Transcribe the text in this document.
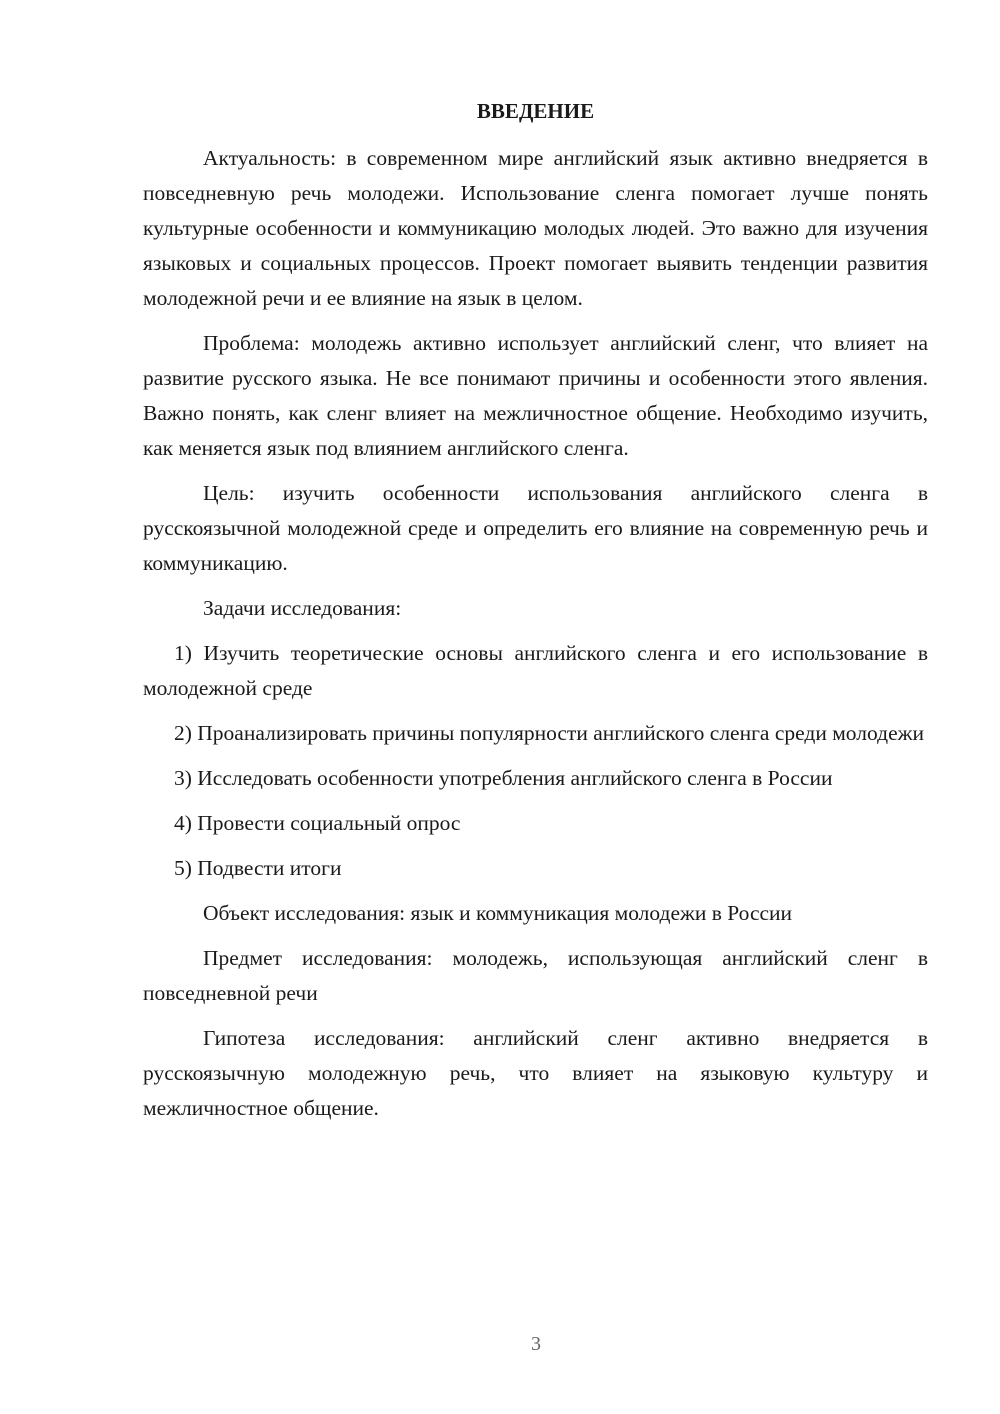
ВВЕДЕНИЕ

Актуальность: в современном мире английский язык активно внедряется в повседневную речь молодежи. Использование сленга помогает лучше понять культурные особенности и коммуникацию молодых людей. Это важно для изучения языковых и социальных процессов. Проект помогает выявить тенденции развития молодежной речи и ее влияние на язык в целом.

Проблема: молодежь активно использует английский сленг, что влияет на развитие русского языка. Не все понимают причины и особенности этого явления. Важно понять, как сленг влияет на межличностное общение. Необходимо изучить, как меняется язык под влиянием английского сленга.

Цель: изучить особенности использования английского сленга в русскоязычной молодежной среде и определить его влияние на современную речь и коммуникацию.

Задачи исследования:

1) Изучить теоретические основы английского сленга и его использование в молодежной среде

2) Проанализировать причины популярности английского сленга среди молодежи

3) Исследовать особенности употребления английского сленга в России

4) Провести социальный опрос

5) Подвести итоги

Объект исследования: язык и коммуникация молодежи в России

Предмет исследования: молодежь, использующая английский сленг в повседневной речи

Гипотеза исследования: английский сленг активно внедряется в русскоязычную молодежную речь, что влияет на языковую культуру и межличностное общение.

3
